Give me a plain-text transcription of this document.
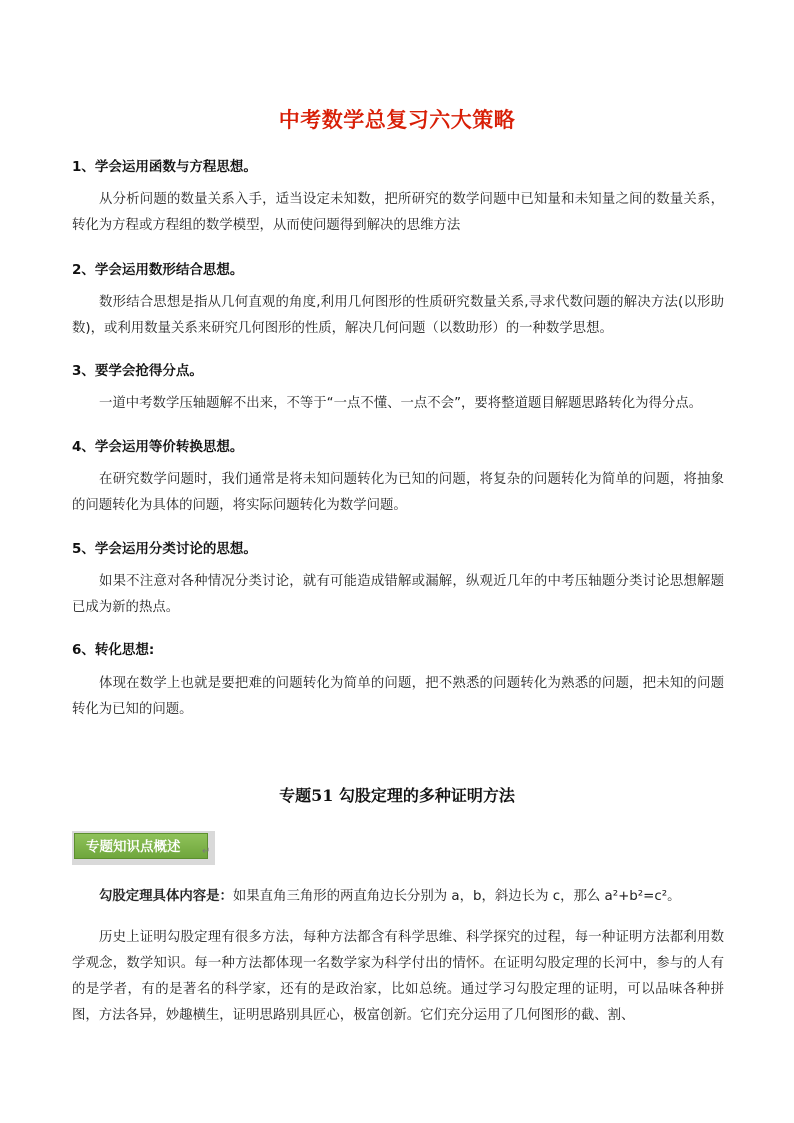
中考数学总复习六大策略
1、学会运用函数与方程思想。

从分析问题的数量关系入手，适当设定未知数，把所研究的数学问题中已知量和未知量之间的数量关系，转化为方程或方程组的数学模型，从而使问题得到解决的思维方法

2、学会运用数形结合思想。

数形结合思想是指从几何直观的角度,利用几何图形的性质研究数量关系,寻求代数问题的解决方法(以形助数)，或利用数量关系来研究几何图形的性质，解决几何问题（以数助形）的一种数学思想。

3、要学会抢得分点。

一道中考数学压轴题解不出来，不等于“一点不懂、一点不会”，要将整道题目解题思路转化为得分点。

4、学会运用等价转换思想。

在研究数学问题时，我们通常是将未知问题转化为已知的问题，将复杂的问题转化为简单的问题，将抽象的问题转化为具体的问题，将实际问题转化为数学问题。

5、学会运用分类讨论的思想。

如果不注意对各种情况分类讨论，就有可能造成错解或漏解，纵观近几年的中考压轴题分类讨论思想解题已成为新的热点。

6、转化思想:

体现在数学上也就是要把难的问题转化为简单的问题，把不熟悉的问题转化为熟悉的问题，把未知的问题转化为已知的问题。

专题51 勾股定理的多种证明方法
专题知识点概述	↵

勾股定理具体内容是：如果直角三角形的两直角边长分别为 a，b，斜边长为 c，那么 a²+b²=c²。

历史上证明勾股定理有很多方法，每种方法都含有科学思维、科学探究的过程，每一种证明方法都利用数学观念，数学知识。每一种方法都体现一名数学家为科学付出的情怀。在证明勾股定理的长河中，参与的人有的是学者，有的是著名的科学家，还有的是政治家，比如总统。通过学习勾股定理的证明，可以品味各种拼图，方法各异，妙趣横生，证明思路别具匠心，极富创新。它们充分运用了几何图形的截、割、
